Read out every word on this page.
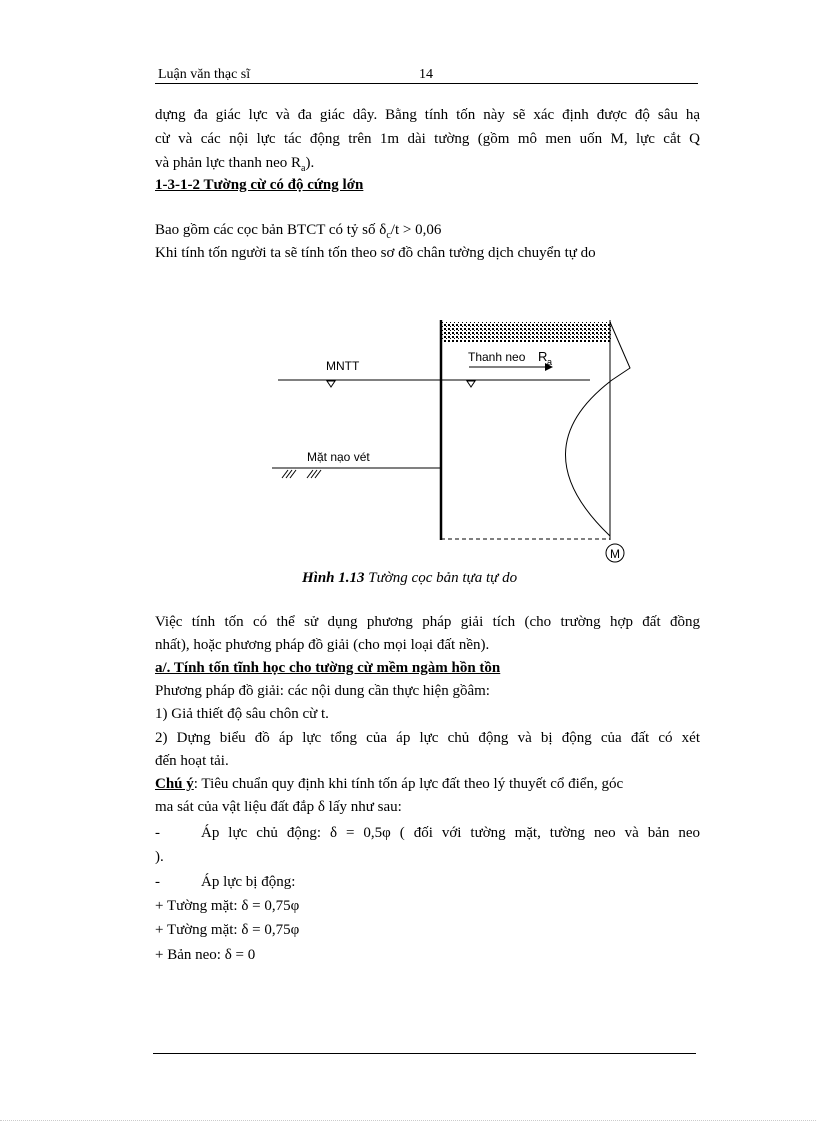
Luận văn thạc sĩ	14
dựng đa giác lực và đa giác dây. Bằng tính tốn này sẽ xác định được độ sâu hạ
cừ và các nội lực tác động trên 1m dài tường (gồm mô men uốn M, lực cắt Q
và phản lực thanh neo $R_a$).
1-3-1-2 Tường cừ có độ cứng lớn
Bao gồm các cọc bản BTCT có tỷ số $\delta_c/t > 0,06$
Khi tính tốn người ta sẽ tính tốn theo sơ đồ chân tường dịch chuyển tự do
M
MNTT
Thanh neo R a
Mặt nạo vét
Hình 1.13 Tường cọc bản tựa tự do
Việc tính tốn có thể sử dụng phương pháp giải tích (cho trường hợp đất đồng
nhất), hoặc phương pháp đồ giải (cho mọi loại đất nền).
a/. Tính tốn tĩnh học cho tường cừ mềm ngàm hồn tồn
Phương pháp đồ giải: các nội dung cần thực hiện gồâm:
1) Giả thiết độ sâu chôn cừ t.
2) Dựng biểu đồ áp lực tổng của áp lực chủ động và bị động của đất có xét
đến hoạt tải.
Chú ý: Tiêu chuẩn quy định khi tính tốn áp lực đất theo lý thuyết cổ điển, góc
ma sát của vật liệu đất đắp δ lấy như sau:
-	Áp lực chủ động: δ = 0,5φ ( đối với tường mặt, tường neo và bản neo
).
-	Áp lực bị động:
+ Tường mặt: δ = 0,75φ
+ Tường mặt: δ = 0,75φ
+ Bản neo: δ = 0
